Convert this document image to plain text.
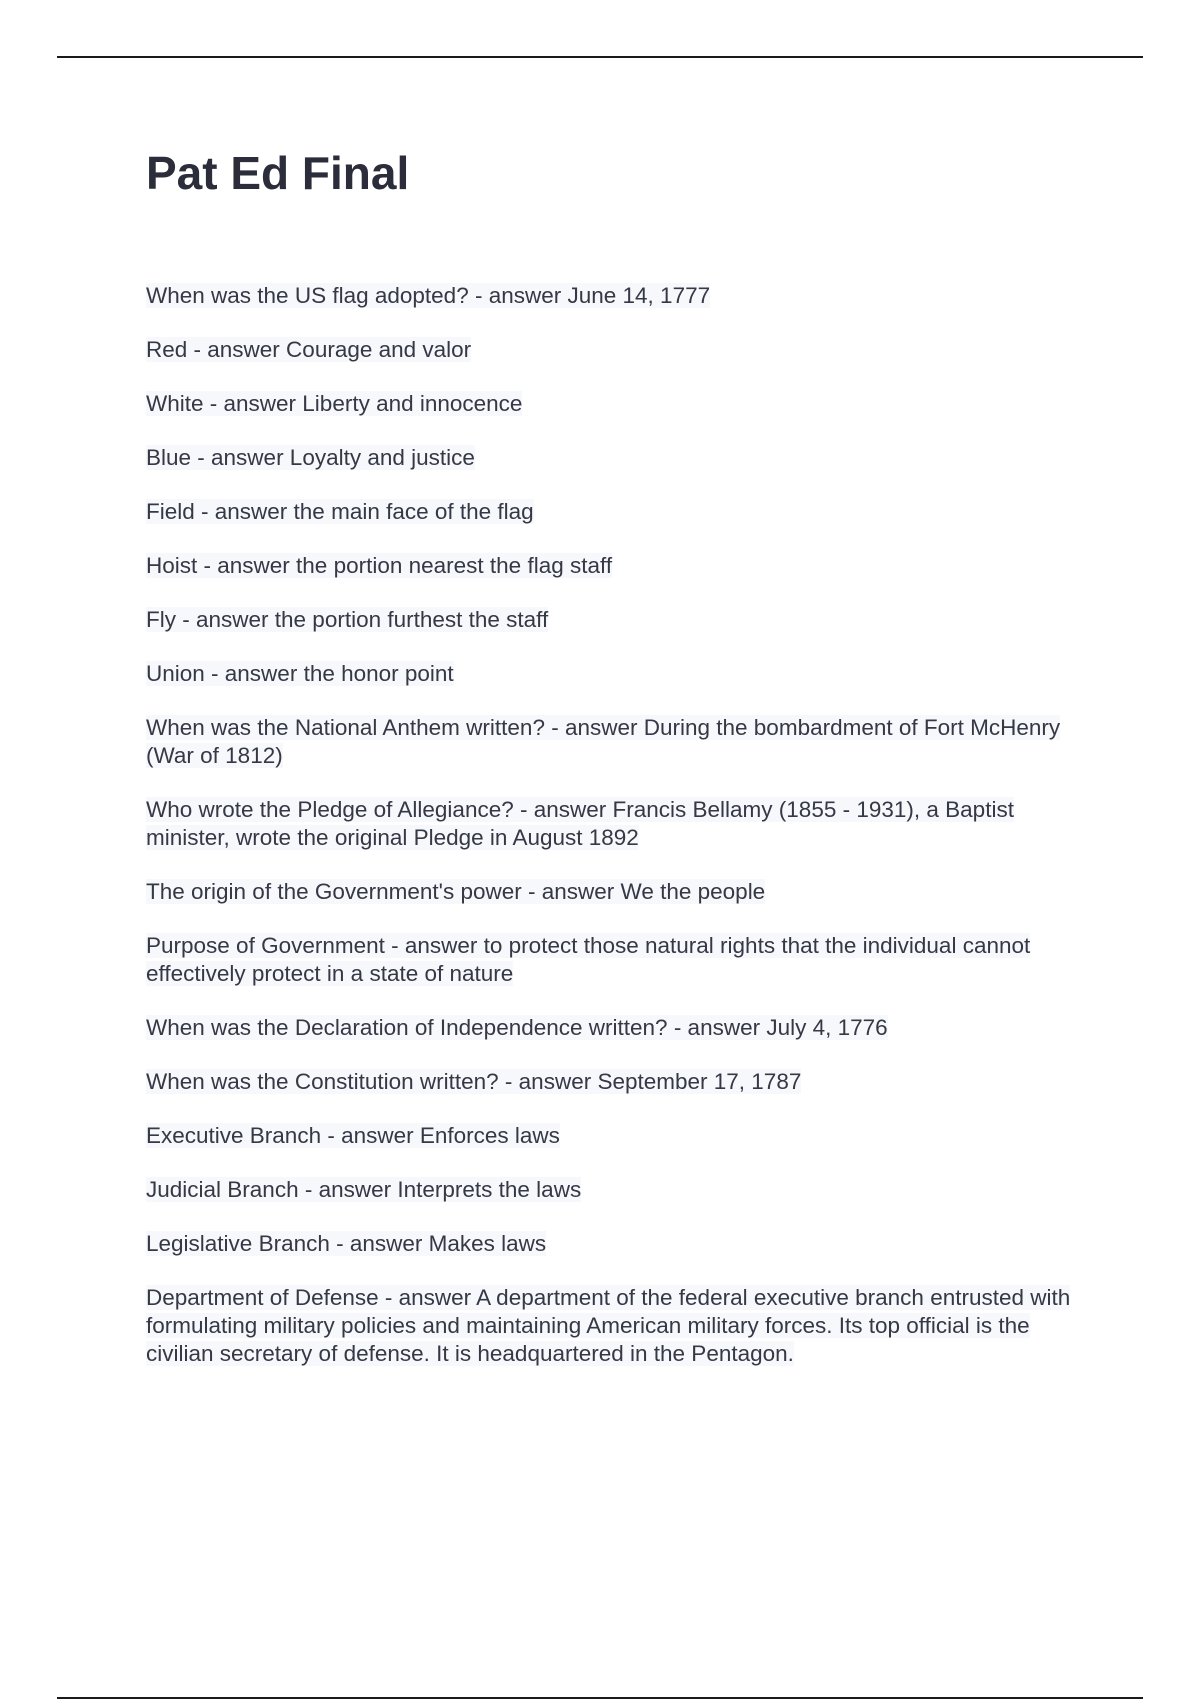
Pat Ed Final
When was the US flag adopted? - answer June 14, 1777
Red - answer Courage and valor
White - answer Liberty and innocence
Blue - answer Loyalty and justice
Field - answer the main face of the flag
Hoist - answer the portion nearest the flag staff
Fly - answer the portion furthest the staff
Union - answer the honor point
When was the National Anthem written? - answer During the bombardment of Fort McHenry (War of 1812)
Who wrote the Pledge of Allegiance? - answer Francis Bellamy (1855 - 1931), a Baptist minister, wrote the original Pledge in August 1892
The origin of the Government's power - answer We the people
Purpose of Government - answer to protect those natural rights that the individual cannot effectively protect in a state of nature
When was the Declaration of Independence written? - answer July 4, 1776
When was the Constitution written? - answer September 17, 1787
Executive Branch - answer Enforces laws
Judicial Branch - answer Interprets the laws
Legislative Branch - answer Makes laws
Department of Defense - answer A department of the federal executive branch entrusted with formulating military policies and maintaining American military forces. Its top official is the civilian secretary of defense. It is headquartered in the Pentagon.
